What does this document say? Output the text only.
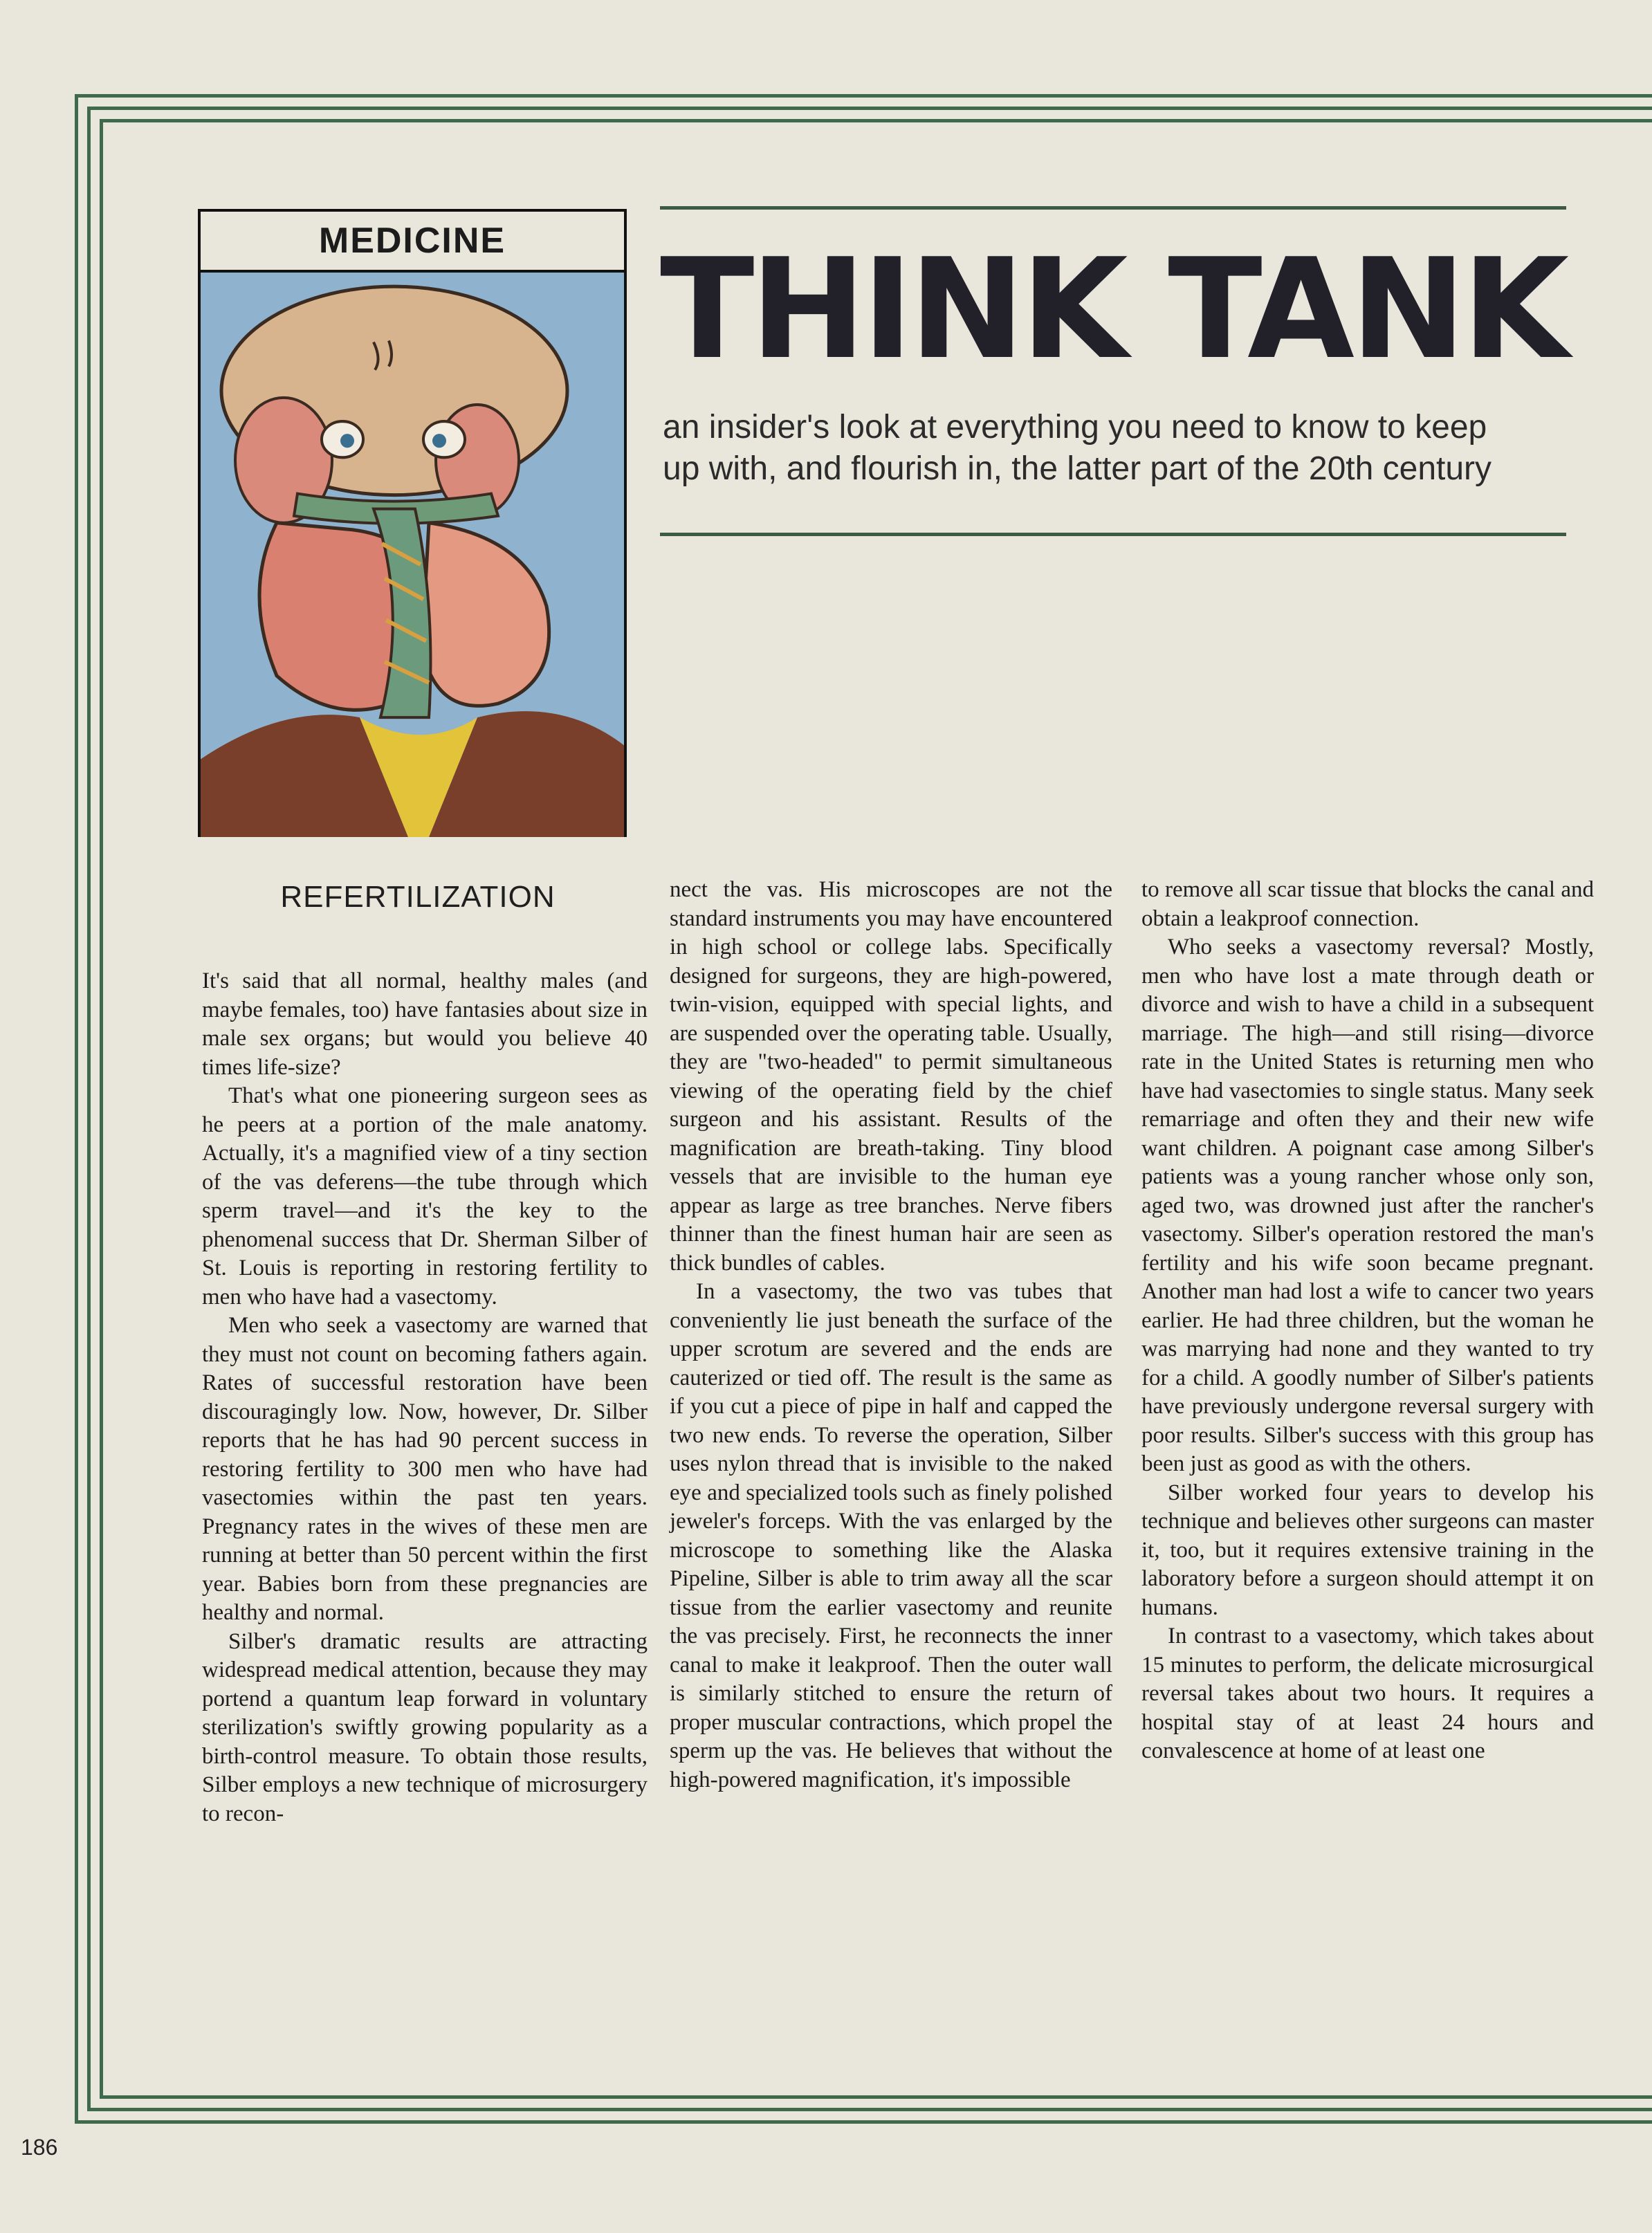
MEDICINE	THINK TANK
an insider's look at everything you need to know to keep
up with, and flourish in, the latter part of the 20th century
REFERTILIZATION

It's said that all normal, healthy males (and maybe females, too) have fantasies about size in male sex organs; but would you believe 40 times life-size?

That's what one pioneering surgeon sees as he peers at a portion of the male anatomy. Actually, it's a magnified view of a tiny section of the vas deferens—the tube through which sperm travel—and it's the key to the phenomenal success that Dr. Sherman Silber of St. Louis is reporting in restoring fertility to men who have had a vasectomy.

Men who seek a vasectomy are warned that they must not count on becoming fathers again. Rates of successful restoration have been discouragingly low. Now, however, Dr. Silber reports that he has had 90 percent success in restoring fertility to 300 men who have had vasectomies within the past ten years. Pregnancy rates in the wives of these men are running at better than 50 percent within the first year. Babies born from these pregnancies are healthy and normal.

Silber's dramatic results are attracting widespread medical attention, because they may portend a quantum leap forward in voluntary sterilization's swiftly growing popularity as a birth-control measure. To obtain those results, Silber employs a new technique of microsurgery to recon-

nect the vas. His microscopes are not the standard instruments you may have encountered in high school or college labs. Specifically designed for surgeons, they are high-powered, twin-vision, equipped with special lights, and are suspended over the operating table. Usually, they are "two-headed" to permit simultaneous viewing of the operating field by the chief surgeon and his assistant. Results of the magnification are breath-taking. Tiny blood vessels that are invisible to the human eye appear as large as tree branches. Nerve fibers thinner than the finest human hair are seen as thick bundles of cables.

In a vasectomy, the two vas tubes that conveniently lie just beneath the surface of the upper scrotum are severed and the ends are cauterized or tied off. The result is the same as if you cut a piece of pipe in half and capped the two new ends. To reverse the operation, Silber uses nylon thread that is invisible to the naked eye and specialized tools such as finely polished jeweler's forceps. With the vas enlarged by the microscope to something like the Alaska Pipeline, Silber is able to trim away all the scar tissue from the earlier vasectomy and reunite the vas precisely. First, he reconnects the inner canal to make it leakproof. Then the outer wall is similarly stitched to ensure the return of proper muscular contractions, which propel the sperm up the vas. He believes that without the high-powered magnification, it's impossible

to remove all scar tissue that blocks the canal and obtain a leakproof connection.

Who seeks a vasectomy reversal? Mostly, men who have lost a mate through death or divorce and wish to have a child in a subsequent marriage. The high—and still rising—divorce rate in the United States is returning men who have had vasectomies to single status. Many seek remarriage and often they and their new wife want children. A poignant case among Silber's patients was a young rancher whose only son, aged two, was drowned just after the rancher's vasectomy. Silber's operation restored the man's fertility and his wife soon became pregnant. Another man had lost a wife to cancer two years earlier. He had three children, but the woman he was marrying had none and they wanted to try for a child. A goodly number of Silber's patients have previously undergone reversal surgery with poor results. Silber's success with this group has been just as good as with the others.

Silber worked four years to develop his technique and believes other surgeons can master it, too, but it requires extensive training in the laboratory before a surgeon should attempt it on humans.

In contrast to a vasectomy, which takes about 15 minutes to perform, the delicate microsurgical reversal takes about two hours. It requires a hospital stay of at least 24 hours and convalescence at home of at least one

186
